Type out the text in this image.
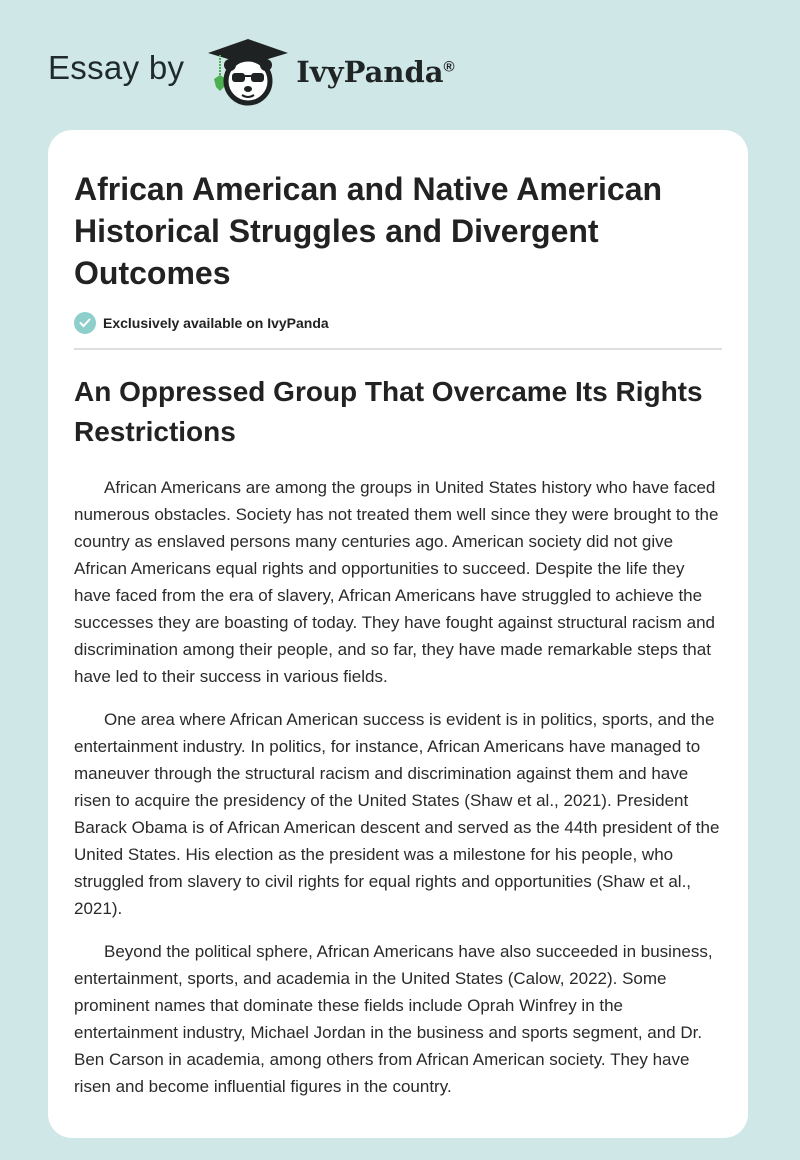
Essay by	IvyPanda®
African American and Native American Historical Struggles and Divergent Outcomes
Exclusively available on IvyPanda
An Oppressed Group That Overcame Its Rights Restrictions

African Americans are among the groups in United States history who have faced numerous obstacles. Society has not treated them well since they were brought to the country as enslaved persons many centuries ago. American society did not give African Americans equal rights and opportunities to succeed. Despite the life they have faced from the era of slavery, African Americans have struggled to achieve the successes they are boasting of today. They have fought against structural racism and discrimination among their people, and so far, they have made remarkable steps that have led to their success in various fields.

One area where African American success is evident is in politics, sports, and the entertainment industry. In politics, for instance, African Americans have managed to maneuver through the structural racism and discrimination against them and have risen to acquire the presidency of the United States (Shaw et al., 2021). President Barack Obama is of African American descent and served as the 44th president of the United States. His election as the president was a milestone for his people, who struggled from slavery to civil rights for equal rights and opportunities (Shaw et al., 2021).

Beyond the political sphere, African Americans have also succeeded in business, entertainment, sports, and academia in the United States (Calow, 2022). Some prominent names that dominate these fields include Oprah Winfrey in the entertainment industry, Michael Jordan in the business and sports segment, and Dr. Ben Carson in academia, among others from African American society. They have risen and become influential figures in the country.
